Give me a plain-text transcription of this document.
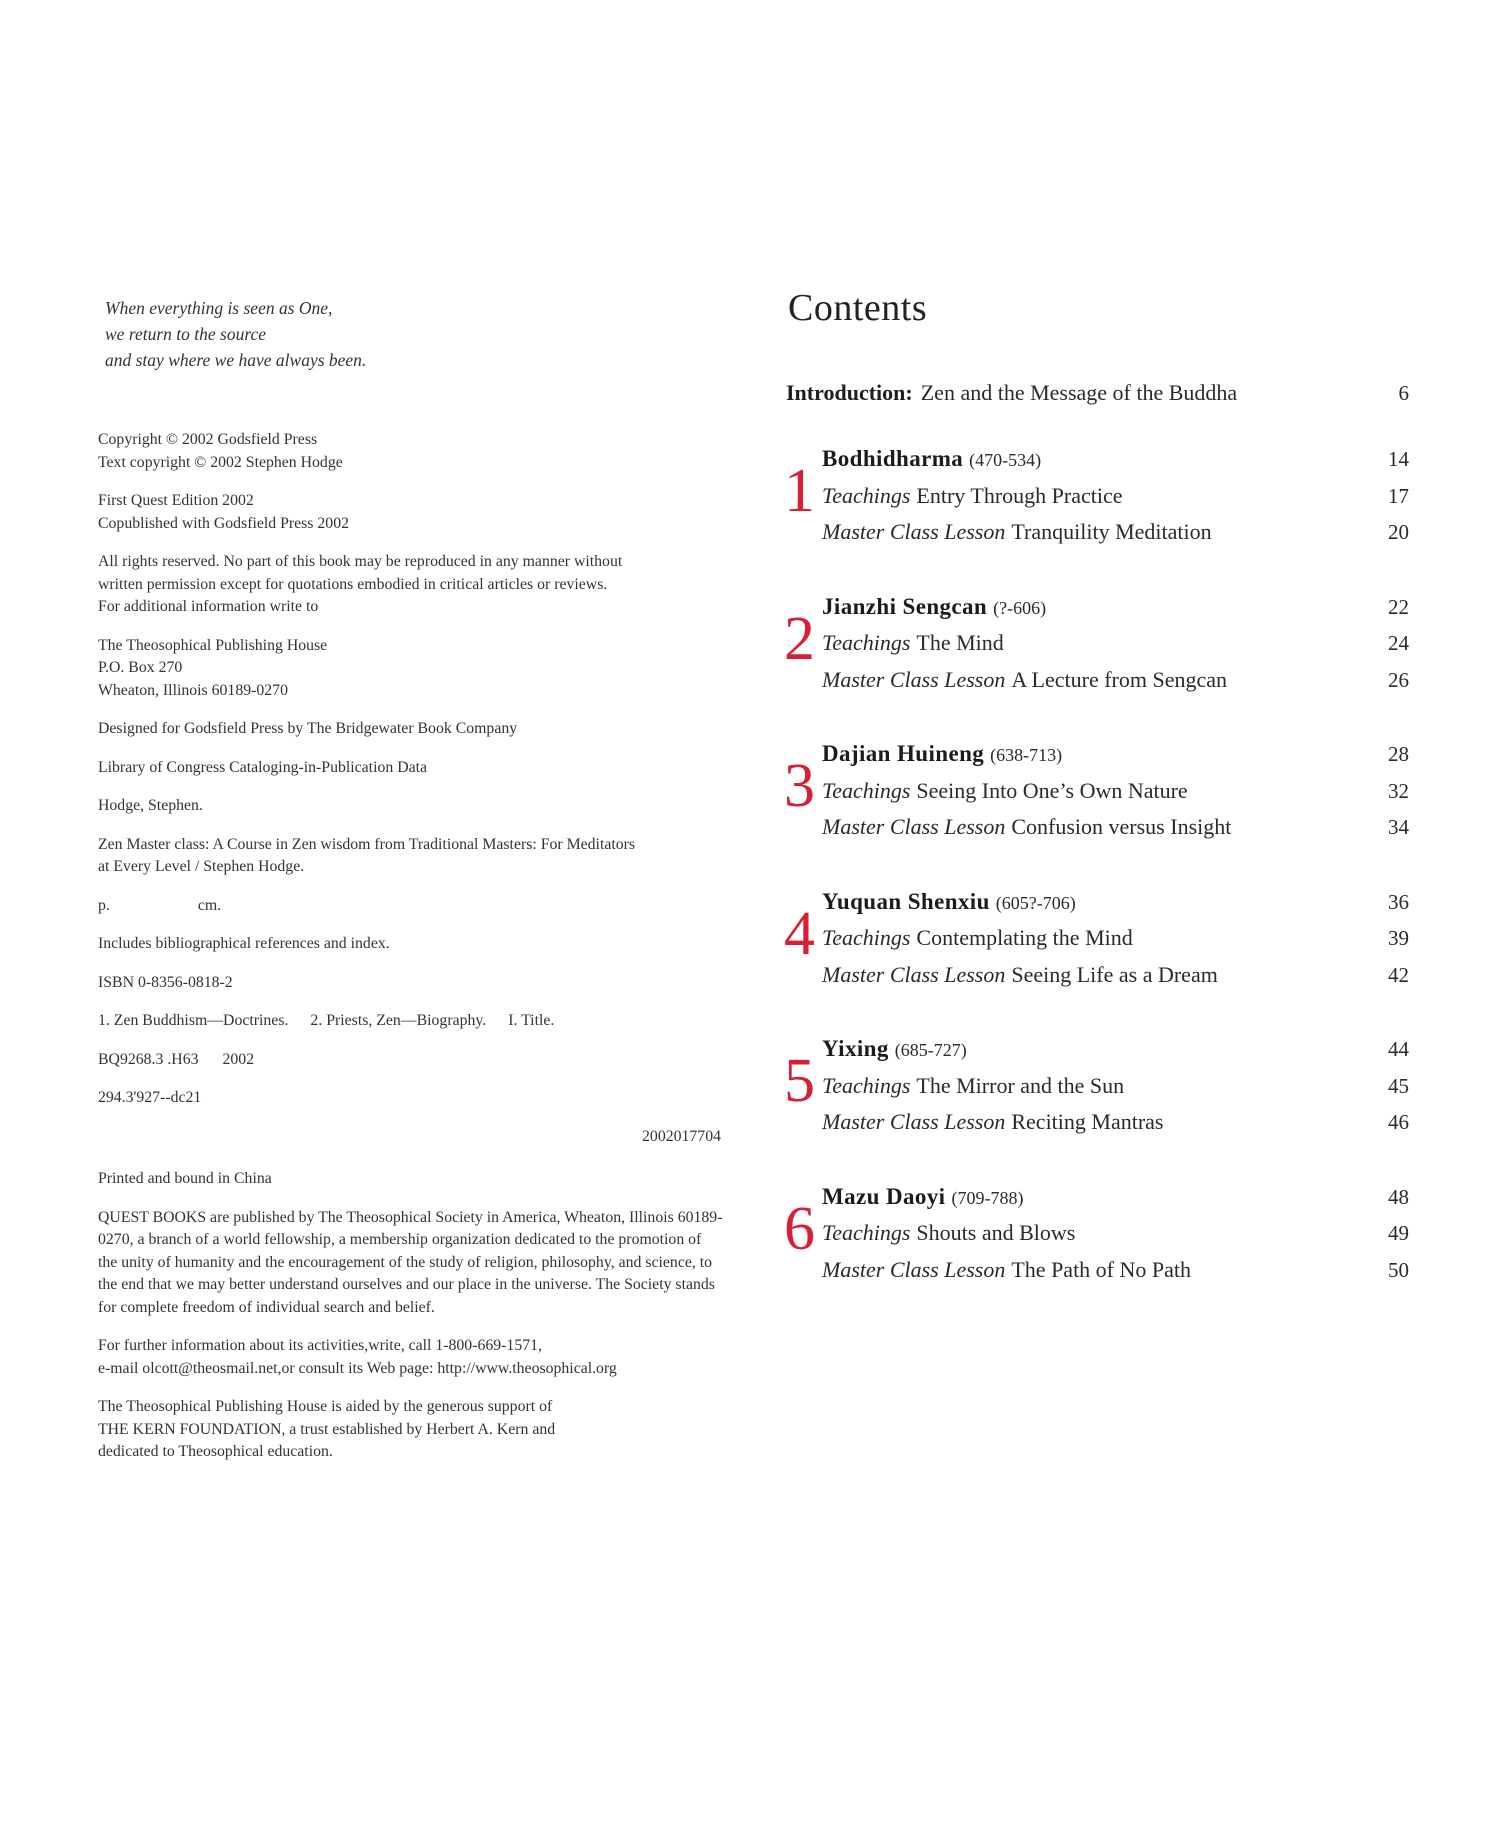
When everything is seen as One,
we return to the source
and stay where we have always been.
Copyright © 2002 Godsfield Press
Text copyright © 2002 Stephen Hodge
First Quest Edition 2002
Copublished with Godsfield Press 2002
All rights reserved. No part of this book may be reproduced in any manner without
written permission except for quotations embodied in critical articles or reviews.
For additional information write to
The Theosophical Publishing House
P.O. Box 270
Wheaton, Illinois 60189-0270
Designed for Godsfield Press by The Bridgewater Book Company
Library of Congress Cataloging-in-Publication Data
Hodge, Stephen.
Zen Master class: A Course in Zen wisdom from Traditional Masters: For Meditators
at Every Level / Stephen Hodge.
p.	cm.
Includes bibliographical references and index.
ISBN 0-8356-0818-2
1. Zen Buddhism—Doctrines. 2. Priests, Zen—Biography. I. Title.
BQ9268.3 .H63 2002
294.3'927--dc21
2002017704
Printed and bound in China
QUEST BOOKS are published by The Theosophical Society in America, Wheaton, Illinois 60189-0270, a branch of a world fellowship, a membership organization dedicated to the promotion of the unity of humanity and the encouragement of the study of religion, philosophy, and science, to the end that we may better understand ourselves and our place in the universe. The Society stands for complete freedom of individual search and belief.
For further information about its activities,write, call 1-800-669-1571,
e-mail olcott@theosmail.net,or consult its Web page: http://www.theosophical.org
The Theosophical Publishing House is aided by the generous support of
THE KERN FOUNDATION, a trust established by Herbert A. Kern and
dedicated to Theosophical education.
Contents
Introduction: Zen and the Message of the Buddha	6
1 Bodhidharma (470-534)	14
Teachings Entry Through Practice	17
Master Class Lesson Tranquility Meditation	20
2 Jianzhi Sengcan (?-606)	22
Teachings The Mind	24
Master Class Lesson A Lecture from Sengcan	26
3 Dajian Huineng (638-713)	28
Teachings Seeing Into One’s Own Nature	32
Master Class Lesson Confusion versus Insight	34
4 Yuquan Shenxiu (605?-706)	36
Teachings Contemplating the Mind	39
Master Class Lesson Seeing Life as a Dream	42
5 Yixing (685-727)	44
Teachings The Mirror and the Sun	45
Master Class Lesson Reciting Mantras	46
6 Mazu Daoyi (709-788)	48
Teachings Shouts and Blows	49
Master Class Lesson The Path of No Path	50
